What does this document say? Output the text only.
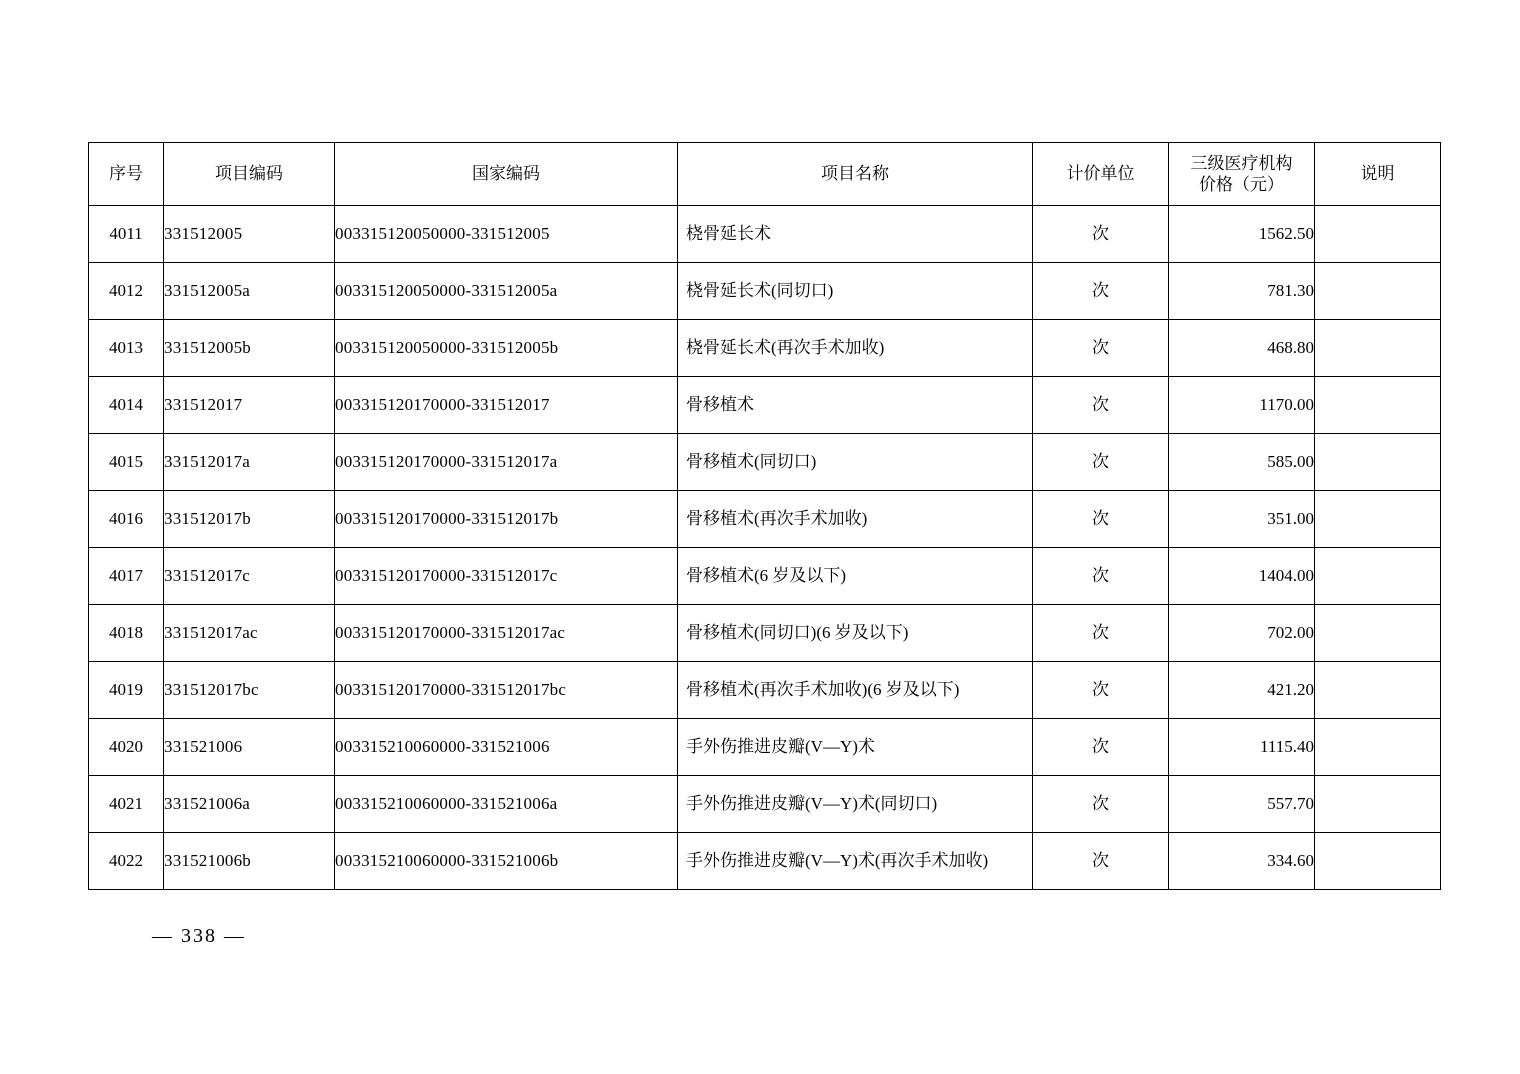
序号	项目编码	国家编码	项目名称	计价单位	三级医疗机构
价格（元）	说明
4011	331512005	003315120050000-331512005	桡骨延长术	次	1562.50	
4012	331512005a	003315120050000-331512005a	桡骨延长术(同切口)	次	781.30	
4013	331512005b	003315120050000-331512005b	桡骨延长术(再次手术加收)	次	468.80	
4014	331512017	003315120170000-331512017	骨移植术	次	1170.00	
4015	331512017a	003315120170000-331512017a	骨移植术(同切口)	次	585.00	
4016	331512017b	003315120170000-331512017b	骨移植术(再次手术加收)	次	351.00	
4017	331512017c	003315120170000-331512017c	骨移植术(6 岁及以下)	次	1404.00	
4018	331512017ac	003315120170000-331512017ac	骨移植术(同切口)(6 岁及以下)	次	702.00	
4019	331512017bc	003315120170000-331512017bc	骨移植术(再次手术加收)(6 岁及以下)	次	421.20	
4020	331521006	003315210060000-331521006	手外伤推进皮瓣(V—Y)术	次	1115.40	
4021	331521006a	003315210060000-331521006a	手外伤推进皮瓣(V—Y)术(同切口)	次	557.70	
4022	331521006b	003315210060000-331521006b	手外伤推进皮瓣(V—Y)术(再次手术加收)	次	334.60	
— 338 —
